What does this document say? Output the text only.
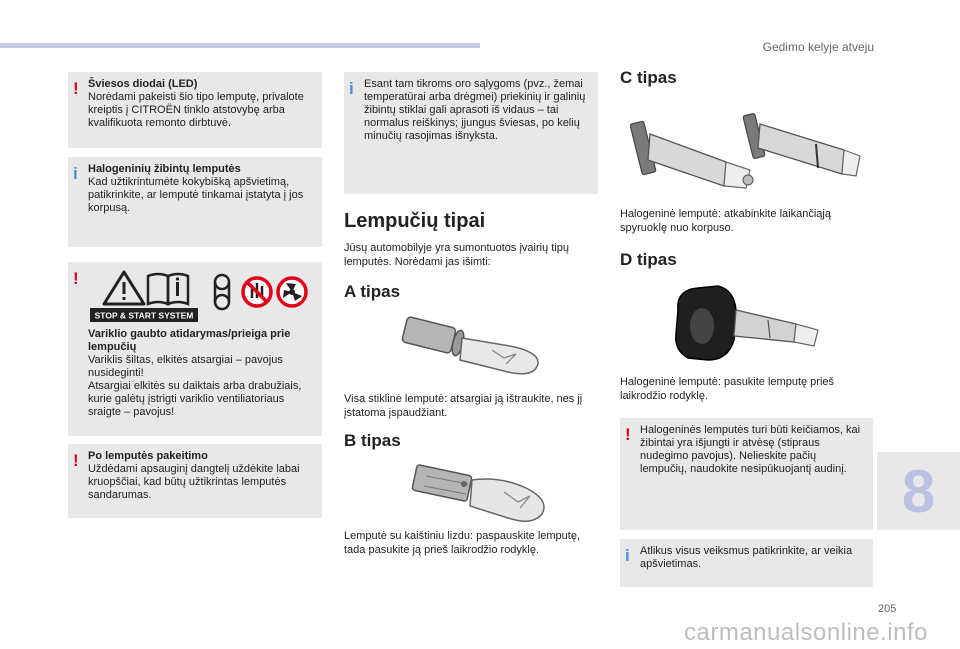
Gedimo kelyje atveju
! Šviesos diodai (LED)
Norėdami pakeisti šio tipo lemputę, privalote kreiptis į CITROËN tinklo atstovybę arba kvalifikuota remonto dirbtuvė.
i Halogeninių žibintų lemputės
Kad užtikrintumėte kokybišką apšvietimą, patikrinkite, ar lemputė tinkamai įstatyta į jos korpusą.
!
Variklio gaubto atidarymas/prieiga prie lempučių
Variklis šiltas, elkitės atsargiai – pavojus nusideginti!
Atsargiai elkitės su daiktais arba drabužiais, kurie galėtų įstrigti variklio ventiliatoriaus sraigte – pavojus!
STOP & START SYSTEM
! Po lemputės pakeitimo
Uždėdami apsauginį dangtelį uždėkite labai kruopščiai, kad būtų užtikrintas lemputės sandarumas.
i Esant tam tikroms oro sąlygoms (pvz., žemai temperatūrai arba drėgmei) priekinių ir galinių žibintų stiklai gali aprasoti iš vidaus – tai normalus reiškinys; įjungus šviesas, po kelių minučių rasojimas išnyksta.
Lempučių tipai
Jūsų automobilyje yra sumontuotos įvairių tipų lemputės. Norėdami jas išimti:
A tipas
Visa stiklinė lemputė: atsargiai ją ištraukite, nes jį įstatoma įspaudžiant.
B tipas
Lemputė su kaištiniu lizdu: paspauskite lemputę, tada pasukite ją prieš laikrodžio rodyklę.
C tipas
Halogeninė lemputė: atkabinkite laikančiąją spyruoklę nuo korpuso.
D tipas
Halogeninė lemputė: pasukite lemputę prieš laikrodžio rodyklę.
! Halogeninės lemputės turi būti keičiamos, kai žibintai yra išjungti ir atvėsę (stipraus nudegimo pavojus). Nelieskite pačių lempučių, naudokite nesipūkuojantį audinį.
i Atlikus visus veiksmus patikrinkite, ar veikia apšvietimas.
8
205
carmanualsonline.info
